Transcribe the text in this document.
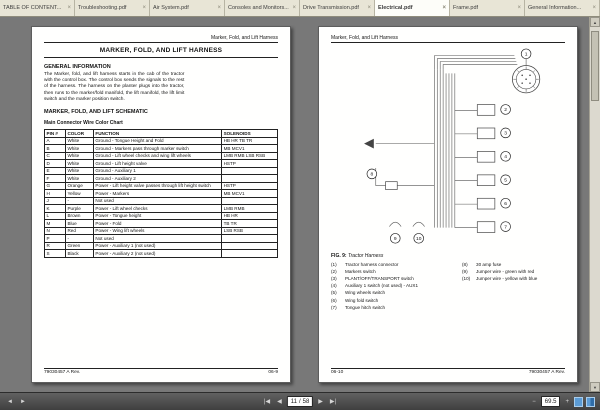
TABLE OF CONTENT...	× Troubleshooting.pdf	× Air System.pdf	× Consoles and Monitors... × Drive Transmission.pdf	× Electrical.pdf	× Frame.pdf	× General Information...	×
Marker, Fold, and Lift Harness
MARKER, FOLD, AND LIFT HARNESS
GENERAL INFORMATION
The Marker, fold, and lift harness starts in the cab of the tractor with the control box. The control box sends the signals to the rest of the harness. The harness on the planter plugs into the tractor, then runs to the marker/fold manifold, the lift manifold, the lift limit switch and the marker position switch.
MARKER, FOLD, AND LIFT SCHEMATIC
Main Connector Wire Color Chart
PIN #	COLOR	FUNCTION	SOLENOIDS
A	White	Ground - Tongue Height and Fold	HB HR TB TR
B	White	Ground - Markers pass through marker switch	MB MCV1
C	White	Ground - Lift wheel checks and wing lift wheels	LMB RMB LSB RSB
D	White	Ground - Lift height valve	HSTP
E	White	Ground - Auxiliary 1	
F	White	Ground - Auxiliary 2	
G	Orange	Power - Lift height valve passes through lift height switch	HSTP
H	Yellow	Power - Markers	MB MCV1
J	-	Not used	
K	Purple	Power - Lift wheel checks	LMB RMB
L	Brown	Power - Tongue height	HB HR
M	Blue	Power - Fold	TB TR
N	Red	Power - Wing lift wheels	LSB RSB
P	-	Not used	
R	Green	Power - Auxiliary 1 (not used)	
S	Black	Power - Auxiliary 2 (not used)	
79030457 A Rev.	06-9
Marker, Fold, and Lift Harness
1
2
3
4
5
6
7
8
9	10
FIG. 9: Tractor Harness
(1)	Tractor harness connector
(2)	Markers switch
(3)	PLANT/OFF/TRANSPORT switch
(4)	Auxiliary 1 switch (not used) - AUX1
(5)	Wing wheels switch
(6)	Wing fold switch
(7)	Tongue hitch switch
(8)	30 amp fuse
(9)	Jumper wire - green with red
(10)	Jumper wire - yellow with blue
06-10	79030457 A Rev.
▲
▼
◄	►	|◀	◀	11 / 58	▶	▶|	−	69.5	+
